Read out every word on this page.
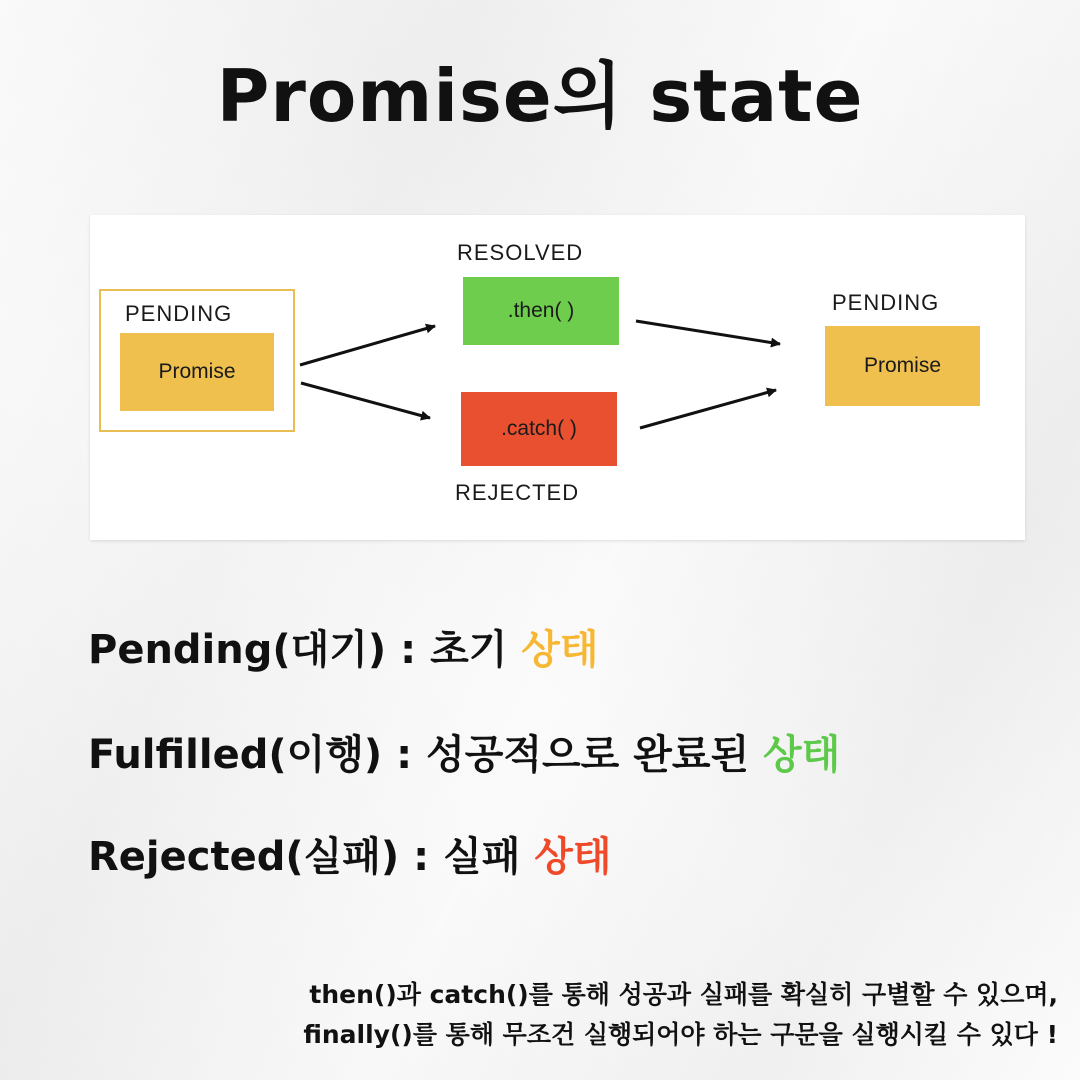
Promise의 state
PENDING
Promise
RESOLVED
.then( )
.catch( )
REJECTED
PENDING
Promise
Pending(대기) : 초기 상태
Fulfilled(이행) : 성공적으로 완료된 상태
Rejected(실패) : 실패 상태
then()과 catch()를 통해 성공과 실패를 확실히 구별할 수 있으며,
finally()를 통해 무조건 실행되어야 하는 구문을 실행시킬 수 있다 !
